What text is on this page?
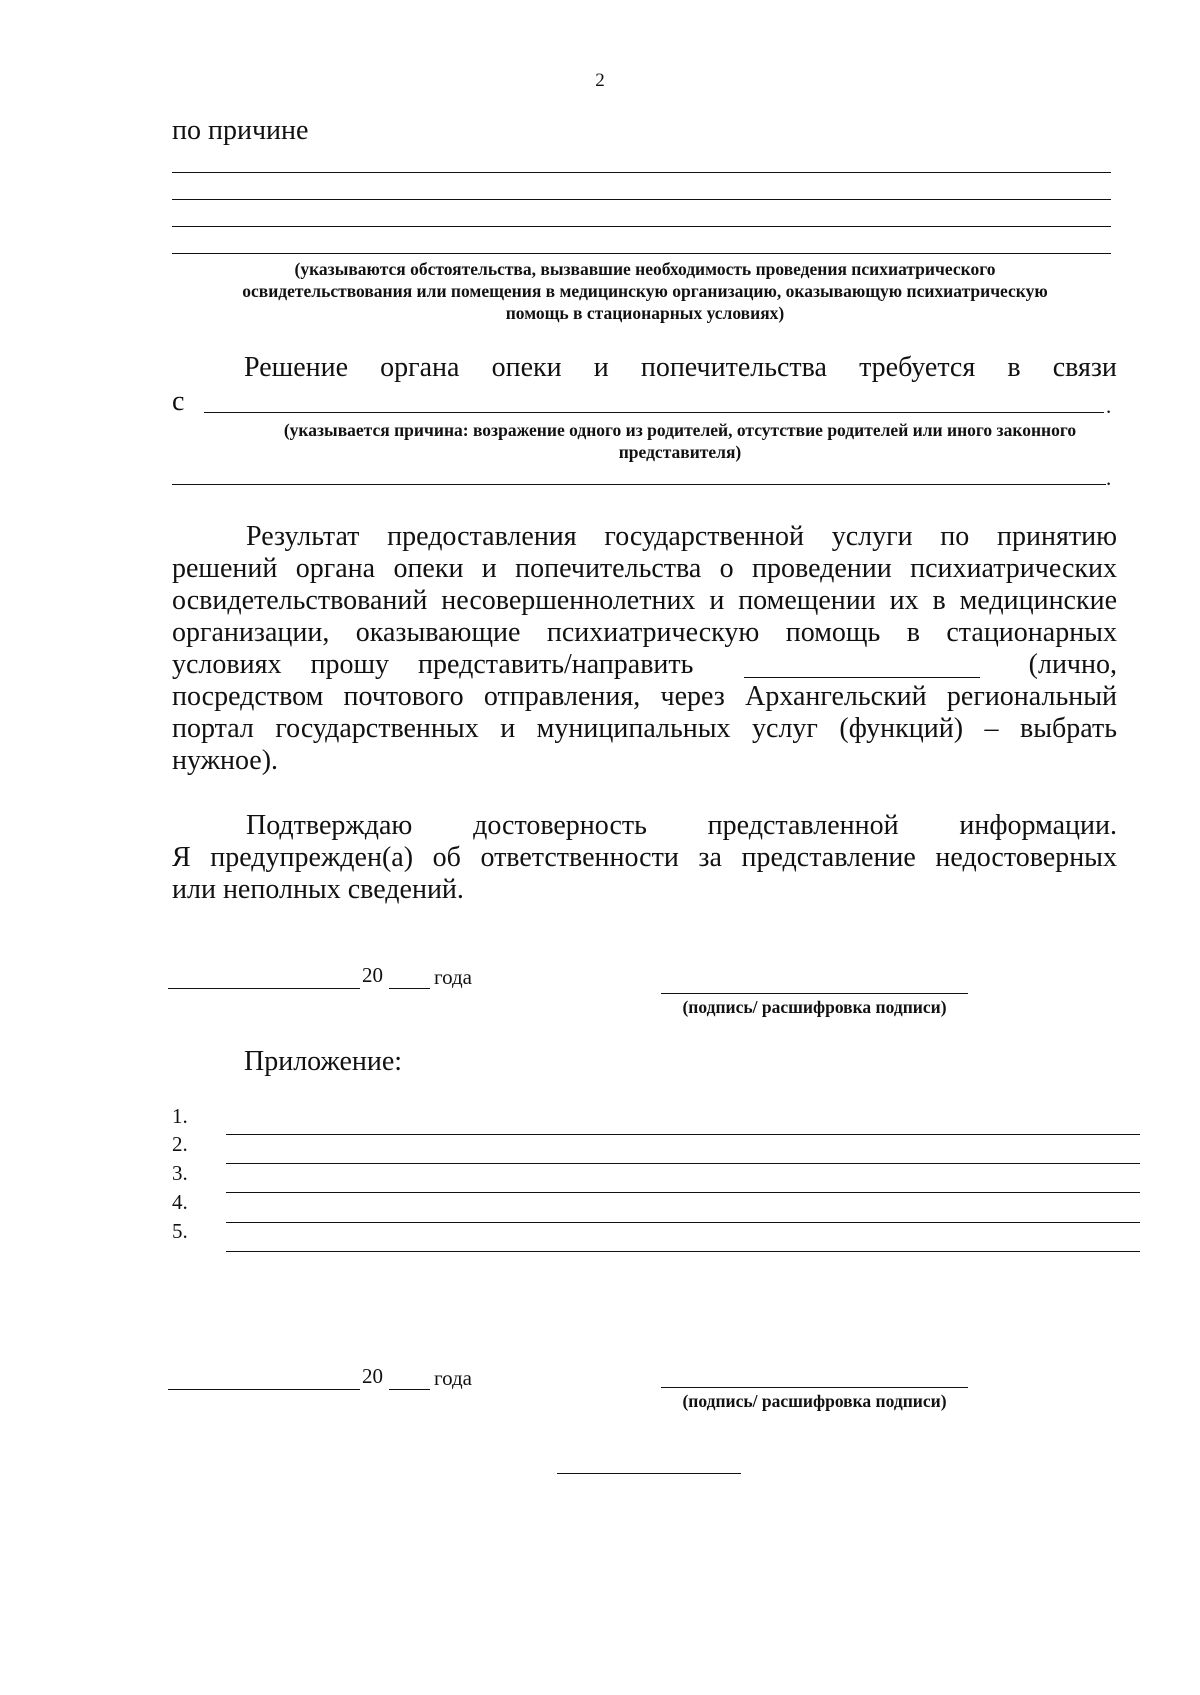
2
по причине
(указываются обстоятельства, вызвавшие необходимость проведения психиатрического
освидетельствования или помещения в медицинскую организацию, оказывающую психиатрическую
помощь в стационарных условиях)
Решение органа опеки и попечительства требуется в связи
с	.
(указывается причина: возражение одного из родителей, отсутствие родителей или иного законного
представителя)
.
Результат предоставления государственной услуги по принятию
решений органа опеки и попечительства о проведении психиатрических
освидетельствований несовершеннолетних и помещении их в медицинские
организации, оказывающие психиатрическую помощь в стационарных
условиях прошу представить/направить	(лично,
посредством почтового отправления, через Архангельский региональный
портал государственных и муниципальных услуг (функций) – выбрать
нужное).
Подтверждаю достоверность представленной информации.
Я предупрежден(а) об ответственности за представление недостоверных
или неполных сведений.
20 года
(подпись/ расшифровка подписи)
Приложение:
1.
2.
3.
4.
5.
20 года
(подпись/ расшифровка подписи)
